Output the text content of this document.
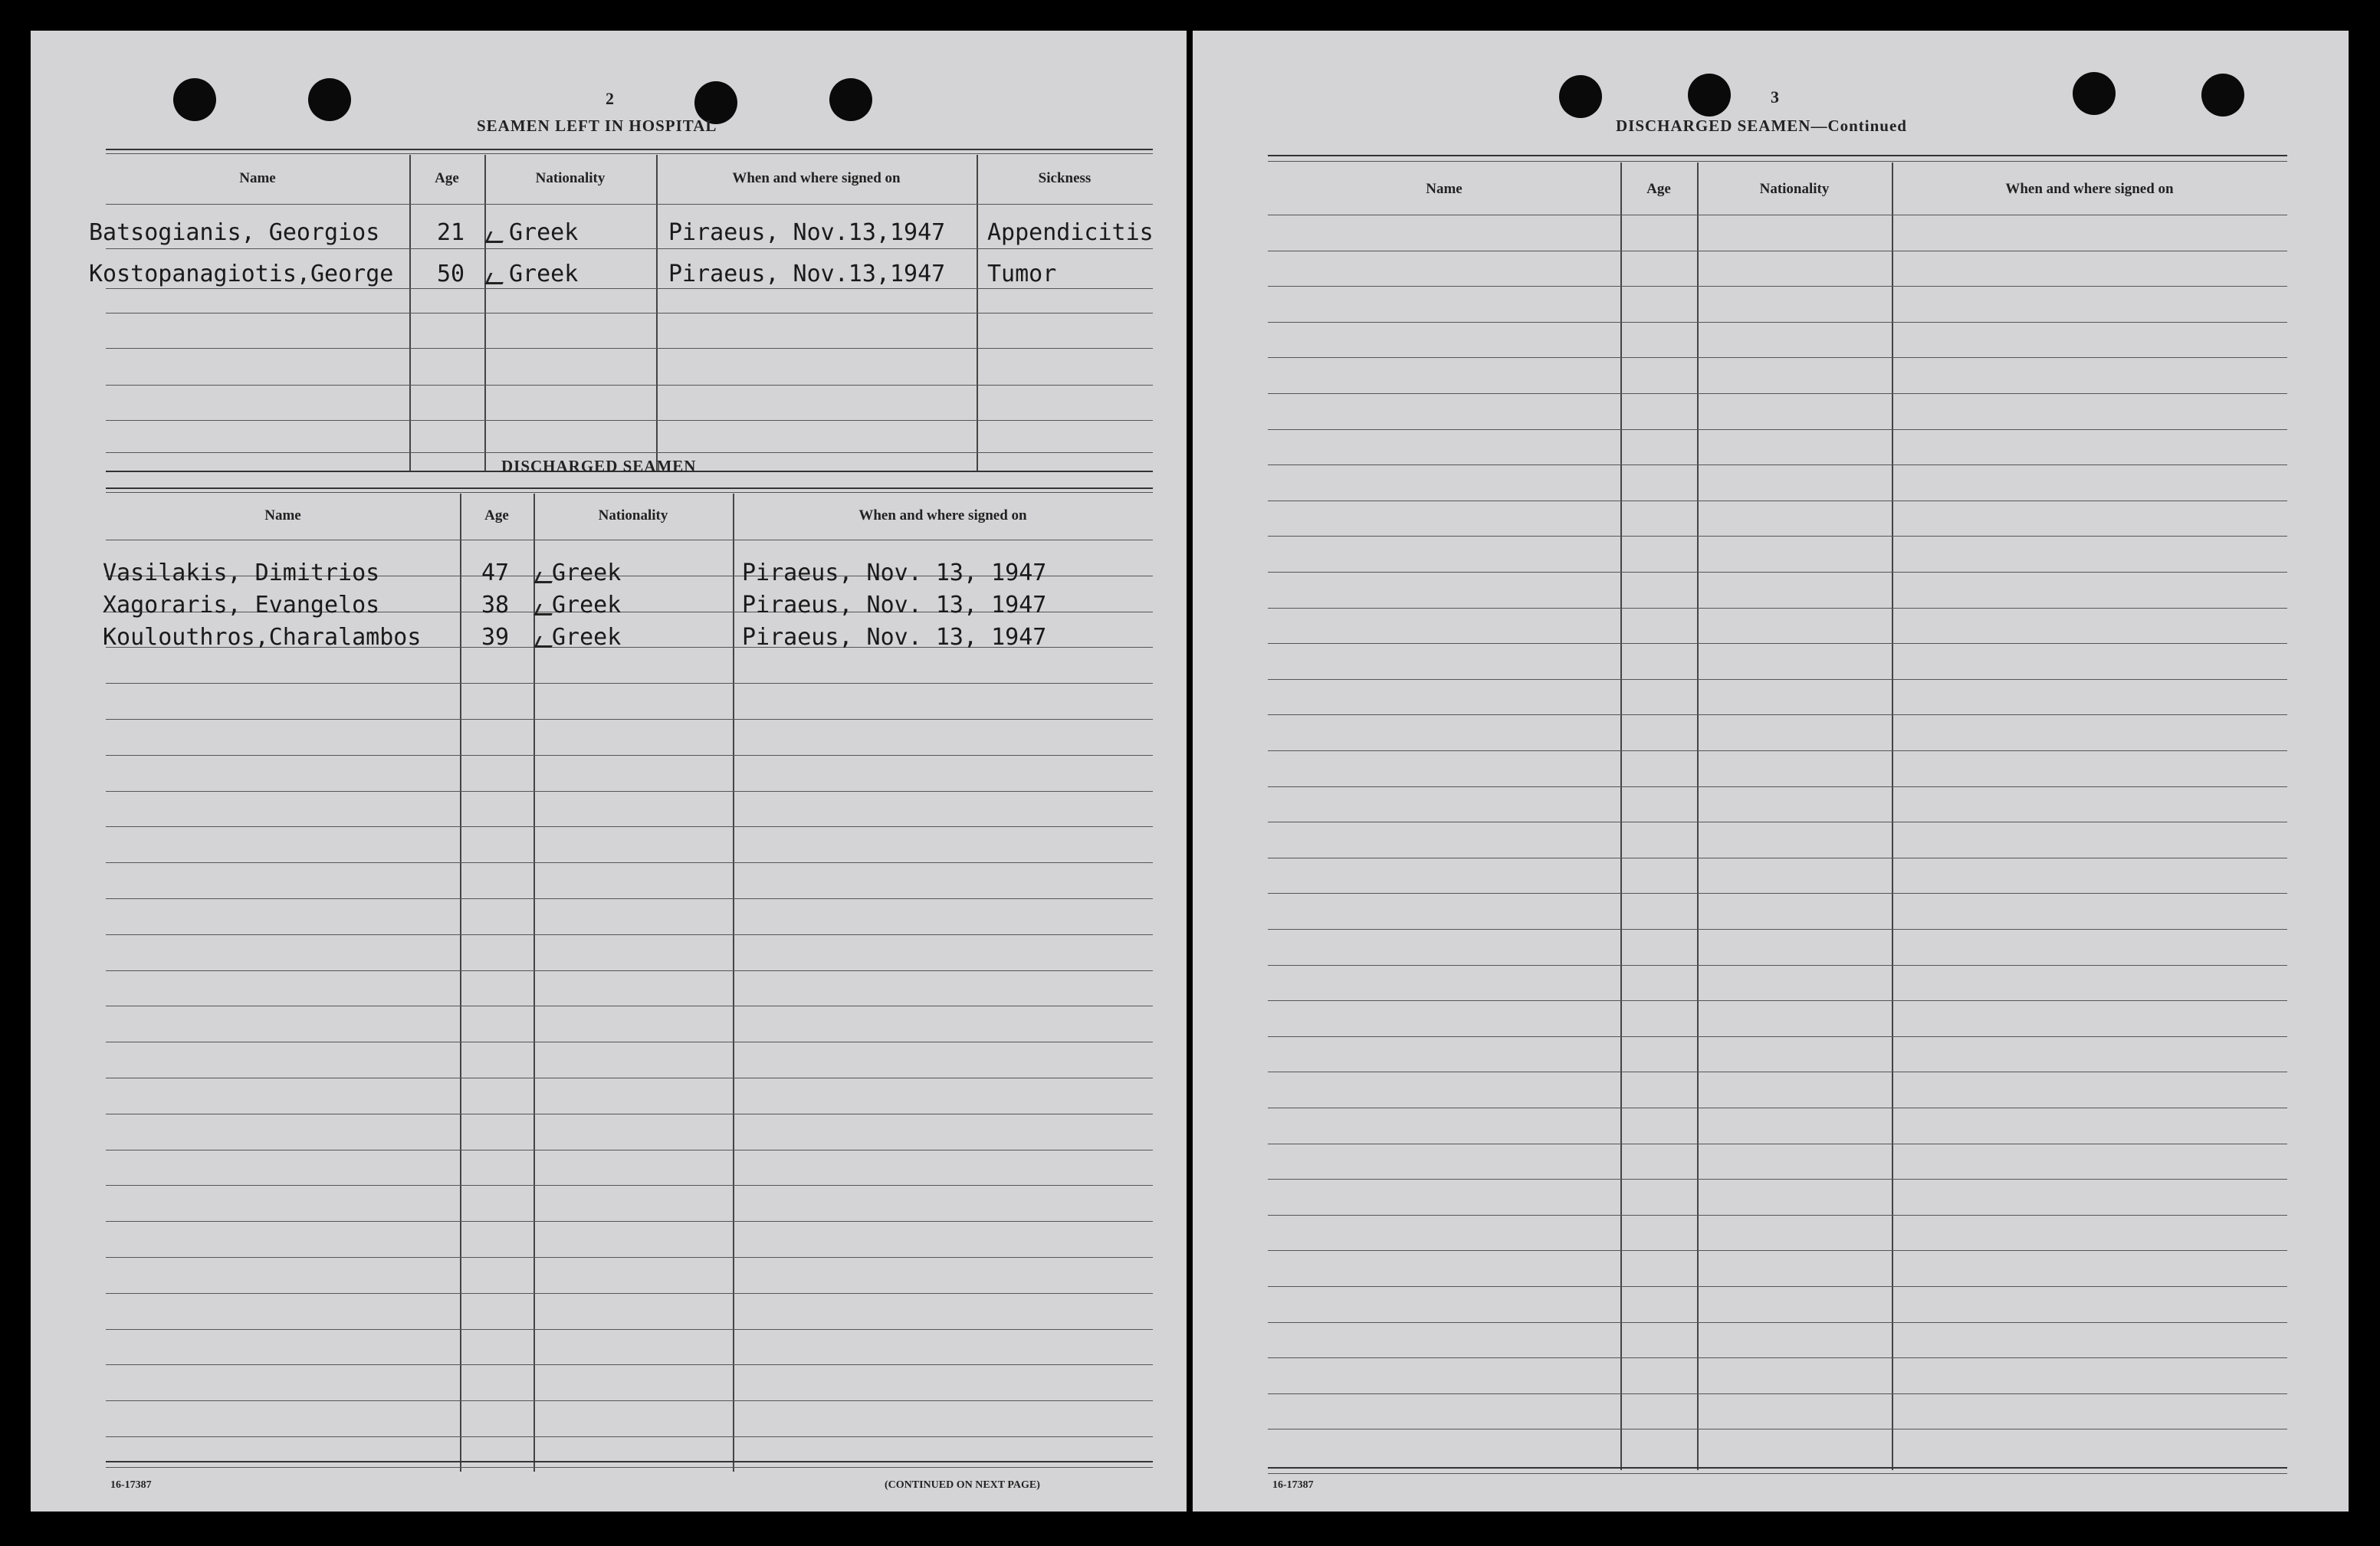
2
SEAMEN LEFT IN HOSPITAL
Name	Age	Nationality	When and where signed on	Sickness
Batsogianis, Georgios 21 Greek	Piraeus, Nov.13,1947 Appendicitis
Kostopanagiotis,George 50 Greek	Piraeus, Nov.13,1947 Tumor
DISCHARGED SEAMEN
Name	Age	Nationality	When and where signed on
Vasilakis, Dimitrios	47 Greek	Piraeus, Nov. 13, 1947
Xagoraris, Evangelos	38 Greek	Piraeus, Nov. 13, 1947
Koulouthros,Charalambos	39 Greek	Piraeus, Nov. 13, 1947
16-17387	(CONTINUED ON NEXT PAGE)
3
DISCHARGED SEAMEN—Continued
Name	Age	Nationality	When and where signed on
16-17387
